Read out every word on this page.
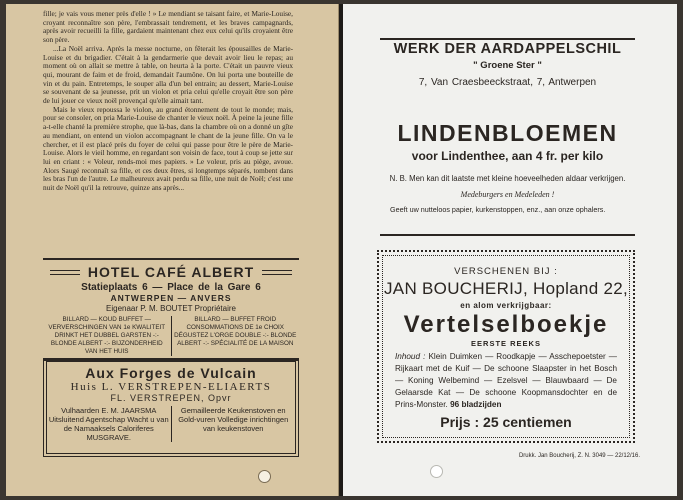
fille; je vais vous mener près d'elle ! » Le mendiant se taisant faire, et Marie-Louise, croyant reconnaître son père, l'embrassait tendrement, et les braves campagnards, après avoir recueilli la fille, gardaient maintenant chez eux celui qu'ils croyaient être son père.

...La Noël arriva. Après la messe nocturne, on fêterait les épousailles de Marie-Louise et du brigadier. C'était à la gendarmerie que devait avoir lieu le repas; au moment où on allait se mettre à table, on heurta à la porte. C'était un pauvre vieux qui, mourant de faim et de froid, demandait l'aumône. On lui porta une bouteille de vin et du pain. Entretemps, le souper alla d'un bel entrain; au dessert, Marie-Louise se souvenant de sa jeunesse, prit un violon et pria celui qu'elle croyait être son père de lui jouer ce vieux noël provençal qu'elle aimait tant.

Mais le vieux repoussa le violon, au grand étonnement de tout le monde; mais, pour se consoler, on pria Marie-Louise de chanter le vieux noël. À peine la jeune fille a-t-elle chanté la première strophe, que là-bas, dans la chambre où on a donné un gîte au mendiant, on entend un violon accompagnant le chant de la jeune fille. On va le chercher, et il est placé près du foyer de celui qui passe pour être le père de Marie-Louise. Alors le vieil homme, en regardant son voisin de face, tout à coup se jette sur lui en criant : « Voleur, rends-moi mes papiers. » Le voleur, pris au piège, avoue. Alors Saugé reconnaît sa fille, et ces deux êtres, si longtemps séparés, tombent dans les bras l'un de l'autre. Le malheureux avait perdu sa fille, une nuit de Noël; c'est une nuit de Noël qu'il la retrouve, quinze ans après...

HOTEL CAFÉ ALBERT
Statieplaats 6 — Place de la Gare 6
ANTWERPEN — ANVERS
Eigenaar P. M. BOUTET Propriétaire
BILLARD — KOUD BUFFET — VERVERSCHINGEN VAN 1e KWALITEIT DRINKT HET DUBBEL GARSTEN -:- BLONDE ALBERT -:- BIJZONDERHEID VAN HET HUIS
BILLARD — BUFFET FROID CONSOMMATIONS DE 1e CHOIX DÉGUSTEZ L'ORGE DOUBLE -:- BLONDE ALBERT -:- SPÉCIALITÉ DE LA MAISON
Aux Forges de Vulcain
Huis L. VERSTREPEN-ELIAERTS
FL. VERSTREPEN, Opvr
Vulhaarden E. M. JAARSMA Uitsluitend Agentschap Wacht u van de Namaaksels Caloriferes MUSGRAVE.
Gemailleerde Keukenstoven en Gold-vuren Volledige inrichtingen van keukenstoven
WERK DER AARDAPPELSCHIL
" Groene Ster "
7, Van Craesbeeckstraat, 7, Antwerpen
LINDENBLOEMEN
voor Lindenthee, aan 4 fr. per kilo
N. B. Men kan dit laatste met kleine hoeveelheden aldaar verkrijgen.
Medeburgers en Medeleden !
Geeft uw nutteloos papier, kurkenstoppen, enz., aan onze ophalers.
VERSCHENEN BIJ :
JAN BOUCHERIJ, Hopland 22,
en alom verkrijgbaar:
Vertelselboekje
EERSTE REEKS
Inhoud : Klein Duimken — Roodkapje — Asschepoetster — Rijkaart met de Kuif — De schoone Slaapster in het Bosch — Koning Welbemind — Ezelsvel — Blauwbaard — De Gelaarsde Kat — De schoone Koopmansdochter en de Prins-Monster. 96 bladzijden
Prijs : 25 centiemen
Drukk. Jan Boucherij, Z. N. 3049 — 22/12/16.
